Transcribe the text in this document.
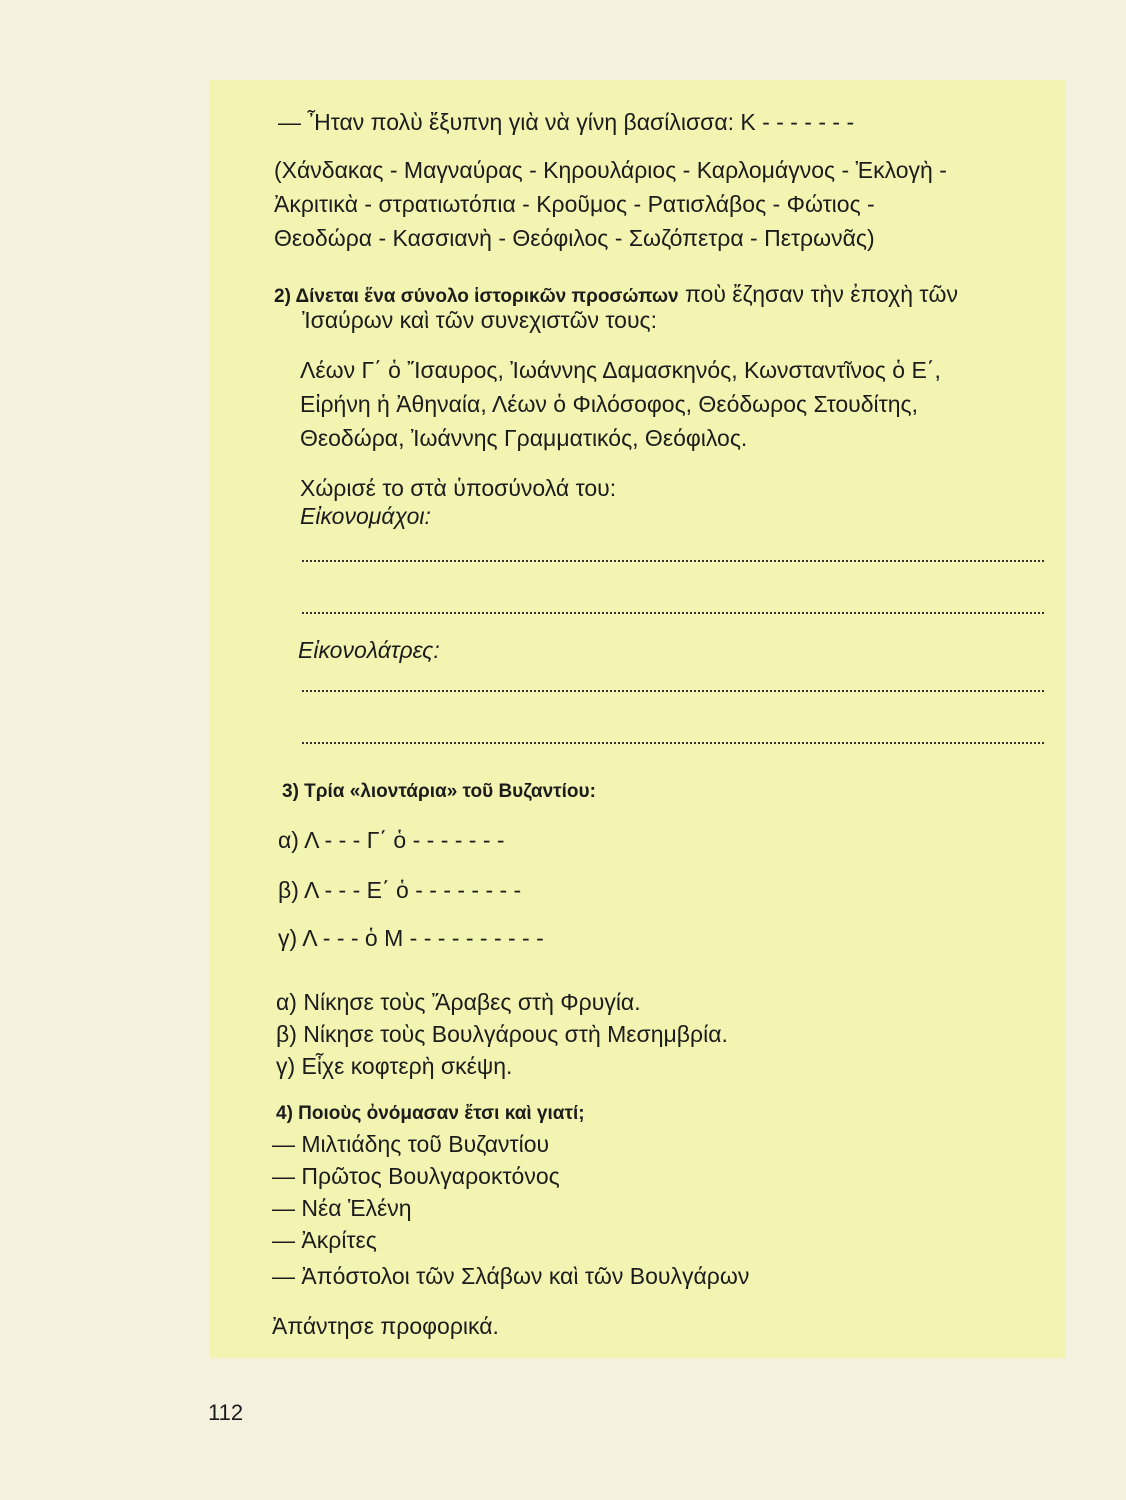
— Ἦταν πολὺ ἔξυπνη γιὰ νὰ γίνη βασίλισσα: Κ - - - - - - -
(Χάνδακας - Μαγναύρας - Κηρουλάριος - Καρλομάγνος - Ἐκλογὴ -
Ἀκριτικὰ - στρατιωτόπια - Κροῦμος - Ρατισλάβος - Φώτιος -
Θεοδώρα - Κασσιανὴ - Θεόφιλος - Σωζόπετρα - Πετρωνᾶς)
2) Δίνεται ἕνα σύνολο ἱστορικῶν προσώπων ποὺ ἔζησαν τὴν ἐποχὴ τῶν
Ἰσαύρων καὶ τῶν συνεχιστῶν τους:
Λέων Γ΄ ὁ Ἴσαυρος, Ἰωάννης Δαμασκηνός, Κωνσταντῖνος ὁ Ε΄,
Εἰρήνη ἡ Ἀθηναία, Λέων ὁ Φιλόσοφος, Θεόδωρος Στουδίτης,
Θεοδώρα, Ἰωάννης Γραμματικός, Θεόφιλος.
Χώρισέ το στὰ ὑποσύνολά του:
Εἰκονομάχοι:
Εἰκονολάτρες:
3) Τρία «λιοντάρια» τοῦ Βυζαντίου:
α) Λ - - - Γ΄ ὁ - - - - - - -
β) Λ - - - Ε΄ ὁ - - - - - - - -
γ) Λ - - - ὁ Μ - - - - - - - - - -
α) Νίκησε τοὺς Ἄραβες στὴ Φρυγία.
β) Νίκησε τοὺς Βουλγάρους στὴ Μεσημβρία.
γ) Εἶχε κοφτερὴ σκέψη.
4) Ποιοὺς ὀνόμασαν ἔτσι καὶ γιατί;
— Μιλτιάδης τοῦ Βυζαντίου
— Πρῶτος Βουλγαροκτόνος
— Νέα Ἑλένη
— Ἀκρίτες
— Ἀπόστολοι τῶν Σλάβων καὶ τῶν Βουλγάρων
Ἀπάντησε προφορικά.
112
